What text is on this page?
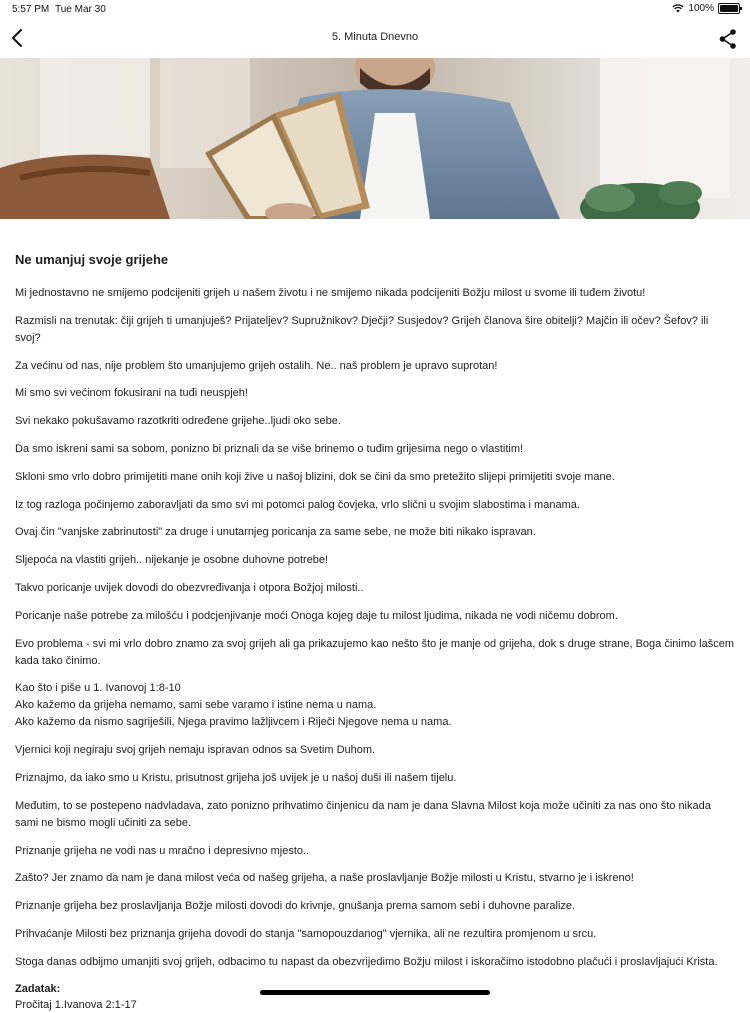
5:57 PM Tue Mar 30	100%
5. Minuta Dnevno
Ne umanjuj svoje grijehe

Mi jednostavno ne smijemo podcijeniti grijeh u našem životu i ne smijemo nikada podcijeniti Božju milost u svome ili tuđem životu!

Razmisli na trenutak: čiji grijeh ti umanjuješ? Prijateljev? Supružnikov? Dječji? Susjedov? Grijeh članova šire obitelji? Majčin ili očev? Šefov? ili svoj?

Za većinu od nas, nije problem što umanjujemo grijeh ostalih. Ne.. naš problem je upravo suprotan!

Mi smo svi većinom fokusirani na tuđi neuspjeh!

Svi nekako pokušavamo razotkriti određene grijehe..ljudi oko sebe.

Da smo iskreni sami sa sobom, ponizno bi priznali da se više brinemo o tuđim grijesima nego o vlastitim!

Skloni smo vrlo dobro primijetiti mane onih koji žive u našoj blizini, dok se čini da smo pretežito slijepi primijetiti svoje mane.

Iz tog razloga počinjemo zaboravljati da smo svi mi potomci palog čovjeka, vrlo slični u svojim slabostima i manama.

Ovaj čin "vanjske zabrinutosti" za druge i unutarnjeg poricanja za same sebe, ne može biti nikako ispravan.

Sljepoća na vlastiti grijeh.. nijekanje je osobne duhovne potrebe!

Takvo poricanje uvijek dovodi do obezvređivanja i otpora Božjoj milosti..

Poricanje naše potrebe za milošću i podcjenjivanje moći Onoga kojeg daje tu milost ljudima, nikada ne vodi ničemu dobrom.

Evo problema - svi mi vrlo dobro znamo za svoj grijeh ali ga prikazujemo kao nešto što je manje od grijeha, dok s druge strane, Boga činimo lašcem kada tako činimo.

Kao što i piše u 1. Ivanovoj 1:8-10
Ako kažemo da grijeha nemamo, sami sebe varamo i istine nema u nama.
Ako kažemo da nismo sagriješili, Njega pravimo lažljivcem i Riječi Njegove nema u nama.

Vjernici koji negiraju svoj grijeh nemaju ispravan odnos sa Svetim Duhom.

Priznajmo, da iako smo u Kristu, prisutnost grijeha još uvijek je u našoj duši ili našem tijelu.

Međutim, to se postepeno nadvladava, zato ponizno prihvatimo činjenicu da nam je dana Slavna Milost koja može učiniti za nas ono što nikada sami ne bismo mogli učiniti za sebe.

Priznanje grijeha ne vodi nas u mračno i depresivno mjesto..

Zašto? Jer znamo da nam je dana milost veća od našeg grijeha, a naše proslavljanje Božje milosti u Kristu, stvarno je i iskreno!

Priznanje grijeha bez proslavljanja Božje milosti dovodi do krivnje, gnušanja prema samom sebi i duhovne paralize.

Prihvaćanje Milosti bez priznanja grijeha dovodi do stanja "samopouzdanog" vjernika, ali ne rezultira promjenom u srcu.

Stoga danas odbijmo umanjiti svoj grijeh, odbacimo tu napast da obezvrijedimo Božju milost i iskoračimo istodobno plačući i proslavljajući Krista.

Zadatak:
Pročitaj 1.Ivanova 2:1-17
